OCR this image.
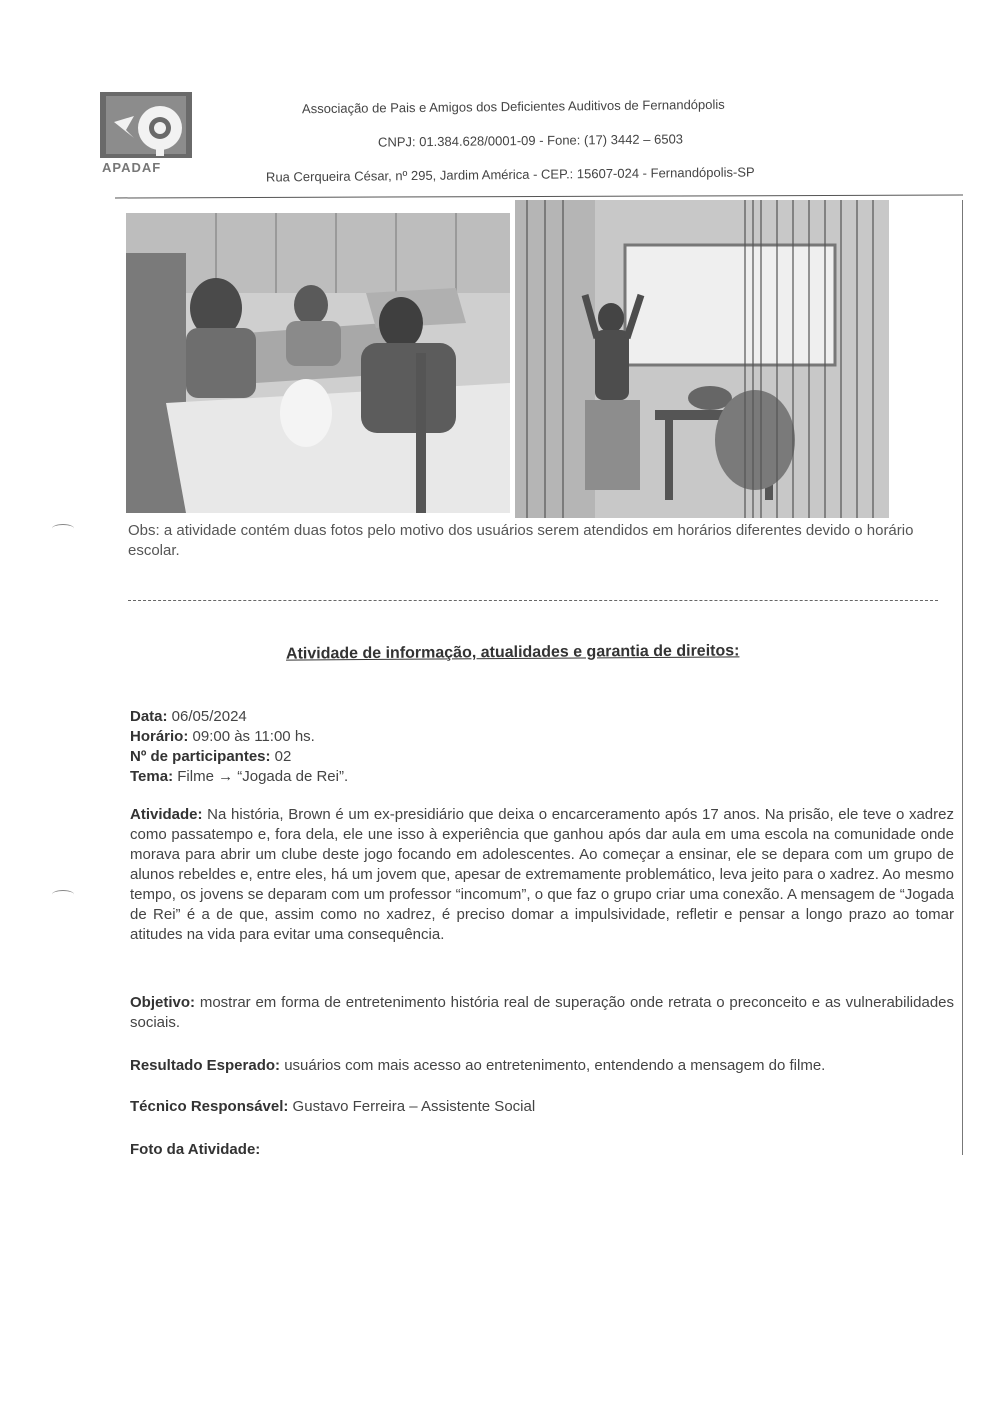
APADAF
Associação de Pais e Amigos dos Deficientes Auditivos de Fernandópolis
CNPJ: 01.384.628/0001-09 - Fone: (17) 3442 – 6503
Rua Cerqueira César, nº 295, Jardim América - CEP.: 15607-024 - Fernandópolis-SP
Obs: a atividade contém duas fotos pelo motivo dos usuários serem atendidos em horários diferentes devido o horário escolar.
Atividade de informação, atualidades e garantia de direitos:
Data: 06/05/2024
Horário: 09:00 às 11:00 hs.
Nº de participantes: 02
Tema: Filme → “Jogada de Rei”.
Atividade: Na história, Brown é um ex-presidiário que deixa o encarceramento após 17 anos. Na prisão, ele teve o xadrez como passatempo e, fora dela, ele une isso à experiência que ganhou após dar aula em uma escola na comunidade onde morava para abrir um clube deste jogo focando em adolescentes. Ao começar a ensinar, ele se depara com um grupo de alunos rebeldes e, entre eles, há um jovem que, apesar de extremamente problemático, leva jeito para o xadrez. Ao mesmo tempo, os jovens se deparam com um professor “incomum”, o que faz o grupo criar uma conexão. A mensagem de “Jogada de Rei” é a de que, assim como no xadrez, é preciso domar a impulsividade, refletir e pensar a longo prazo ao tomar atitudes na vida para evitar uma consequência.
Objetivo: mostrar em forma de entretenimento história real de superação onde retrata o preconceito e as vulnerabilidades sociais.
Resultado Esperado: usuários com mais acesso ao entretenimento, entendendo a mensagem do filme.
Técnico Responsável: Gustavo Ferreira – Assistente Social
Foto da Atividade:
